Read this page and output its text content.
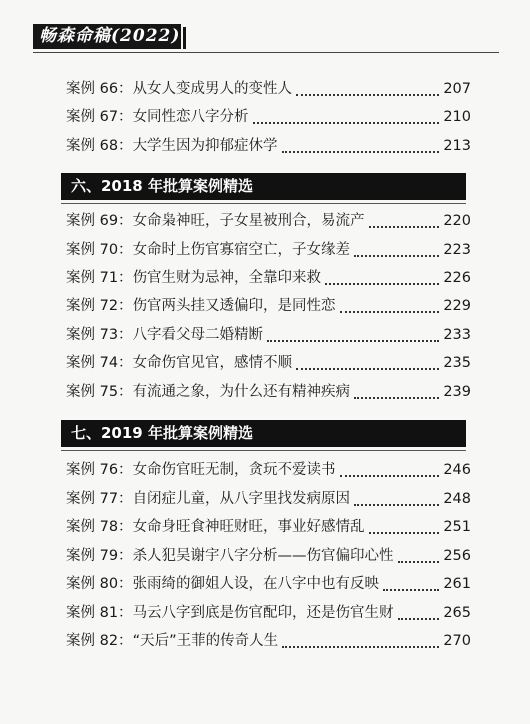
畅森命稿(2022)
案例 66： 从女人变成男人的变性人	207
案例 67： 女同性恋八字分析	210
案例 68： 大学生因为抑郁症休学	213
六、2018 年批算案例精选
案例 69： 女命枭神旺，子女星被刑合，易流产	220
案例 70： 女命时上伤官寡宿空亡，子女缘差	223
案例 71： 伤官生财为忌神，全靠印来救	226
案例 72： 伤官两头挂又透偏印，是同性恋	229
案例 73： 八字看父母二婚精断	233
案例 74： 女命伤官见官，感情不顺	235
案例 75： 有流通之象，为什么还有精神疾病	239
七、2019 年批算案例精选
案例 76： 女命伤官旺无制，贪玩不爱读书	246
案例 77： 自闭症儿童，从八字里找发病原因	248
案例 78： 女命身旺食神旺财旺，事业好感情乱	251
案例 79： 杀人犯吴谢宇八字分析——伤官偏印心性	256
案例 80： 张雨绮的御姐人设，在八字中也有反映	261
案例 81： 马云八字到底是伤官配印，还是伤官生财	265
案例 82： “天后”王菲的传奇人生	270
